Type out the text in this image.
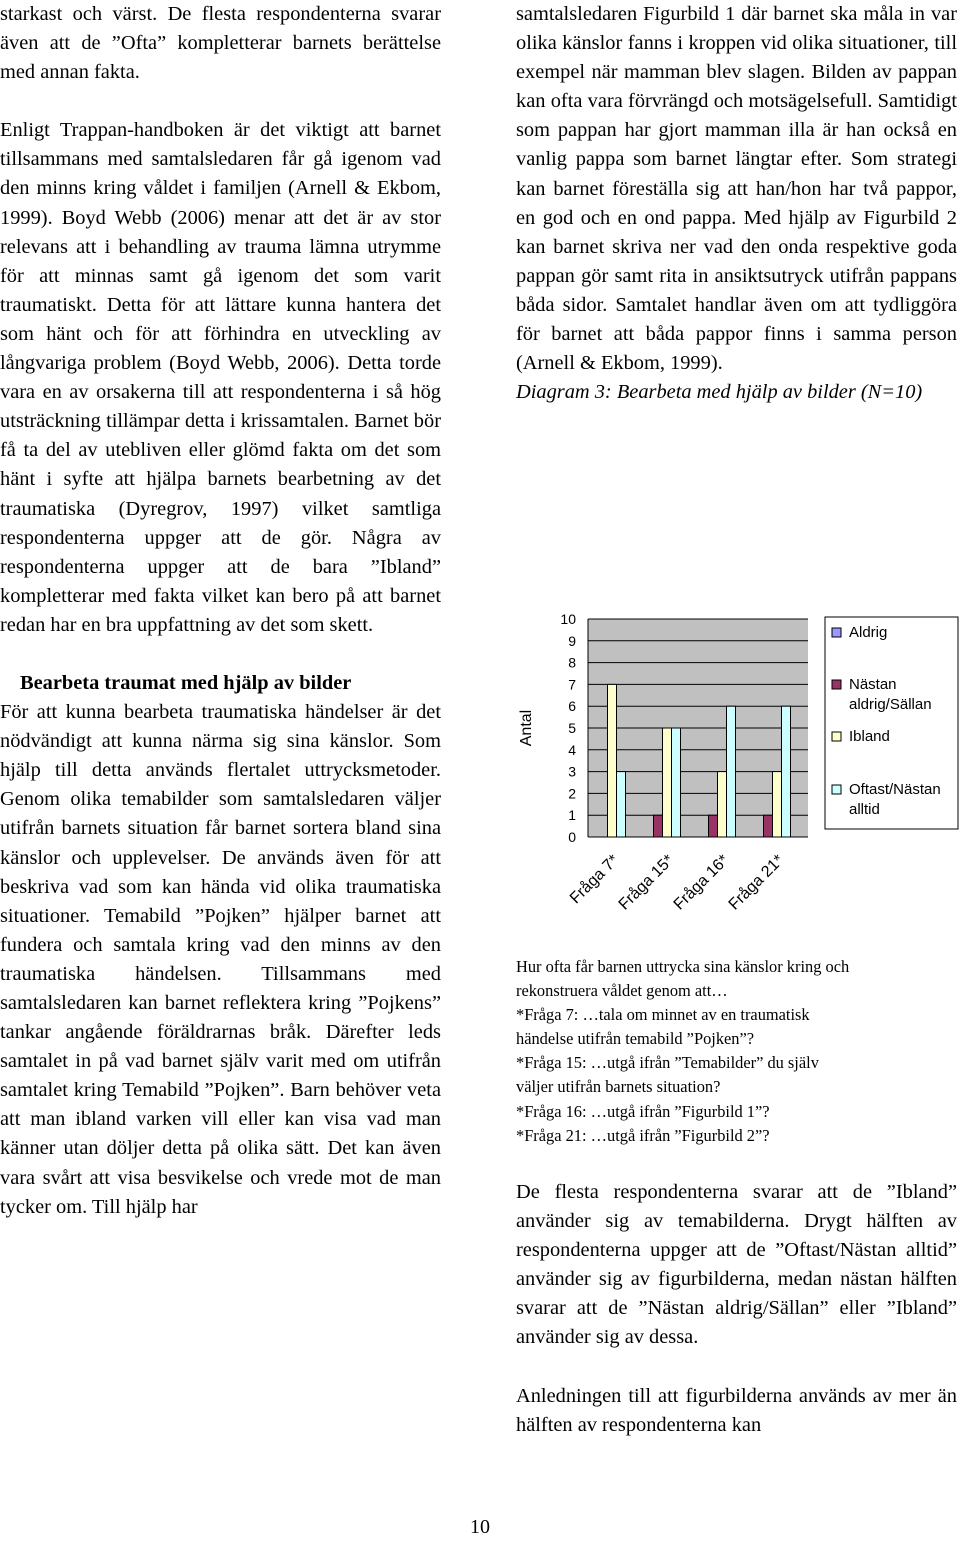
starkast och värst. De flesta respondenterna svarar även att de ”Ofta” kompletterar barnets berättelse med annan fakta.

Enligt Trappan-handboken är det viktigt att barnet tillsammans med samtalsledaren får gå igenom vad den minns kring våldet i familjen (Arnell & Ekbom, 1999). Boyd Webb (2006) menar att det är av stor relevans att i behandling av trauma lämna utrymme för att minnas samt gå igenom det som varit traumatiskt. Detta för att lättare kunna hantera det som hänt och för att förhindra en utveckling av långvariga problem (Boyd Webb, 2006). Detta torde vara en av orsakerna till att respondenterna i så hög utsträckning tillämpar detta i krissamtalen. Barnet bör få ta del av utebliven eller glömd fakta om det som hänt i syfte att hjälpa barnets bearbetning av det traumatiska (Dyregrov, 1997) vilket samtliga respondenterna uppger att de gör. Några av respondenterna uppger att de bara ”Ibland” kompletterar med fakta vilket kan bero på att barnet redan har en bra uppfattning av det som skett.

Bearbeta traumat med hjälp av bilder

För att kunna bearbeta traumatiska händelser är det nödvändigt att kunna närma sig sina känslor. Som hjälp till detta används flertalet uttrycksmetoder. Genom olika temabilder som samtalsledaren väljer utifrån barnets situation får barnet sortera bland sina känslor och upplevelser. De används även för att beskriva vad som kan hända vid olika traumatiska situationer. Temabild ”Pojken” hjälper barnet att fundera och samtala kring vad den minns av den traumatiska händelsen. Tillsammans med samtalsledaren kan barnet reflektera kring ”Pojkens” tankar angående föräldrarnas bråk. Därefter leds samtalet in på vad barnet själv varit med om utifrån samtalet kring Temabild ”Pojken”. Barn behöver veta att man ibland varken vill eller kan visa vad man känner utan döljer detta på olika sätt. Det kan även vara svårt att visa besvikelse och vrede mot de man tycker om. Till hjälp har

samtalsledaren Figurbild 1 där barnet ska måla in var olika känslor fanns i kroppen vid olika situationer, till exempel när mamman blev slagen. Bilden av pappan kan ofta vara förvrängd och motsägelsefull. Samtidigt som pappan har gjort mamman illa är han också en vanlig pappa som barnet längtar efter. Som strategi kan barnet föreställa sig att han/hon har två pappor, en god och en ond pappa. Med hjälp av Figurbild 2 kan barnet skriva ner vad den onda respektive goda pappan gör samt rita in ansiktsutryck utifrån pappans båda sidor. Samtalet handlar även om att tydliggöra för barnet att båda pappor finns i samma person (Arnell & Ekbom, 1999).

Diagram 3: Bearbeta med hjälp av bilder (N=10)

0
1
2
3
4
5
6
7
8
9
10
Fråga 7*
Fråga 15*
Fråga 16*
Fråga 21*
Antal
Aldrig
Nästan aldrig/Sällan
Ibland
Oftast/Nästan alltid
Hur ofta får barnen uttrycka sina känslor kring och
rekonstruera våldet genom att…
*Fråga 7: …tala om minnet av en traumatisk
händelse utifrån temabild ”Pojken”?
*Fråga 15: …utgå ifrån ”Temabilder” du själv
väljer utifrån barnets situation?
*Fråga 16: …utgå ifrån ”Figurbild 1”?
*Fråga 21: …utgå ifrån ”Figurbild 2”?

De flesta respondenterna svarar att de ”Ibland” använder sig av temabilderna. Drygt hälften av respondenterna uppger att de ”Oftast/Nästan alltid” använder sig av figurbilderna, medan nästan hälften svarar att de ”Nästan aldrig/Sällan” eller ”Ibland” använder sig av dessa.

Anledningen till att figurbilderna används av mer än hälften av respondenterna kan

10
